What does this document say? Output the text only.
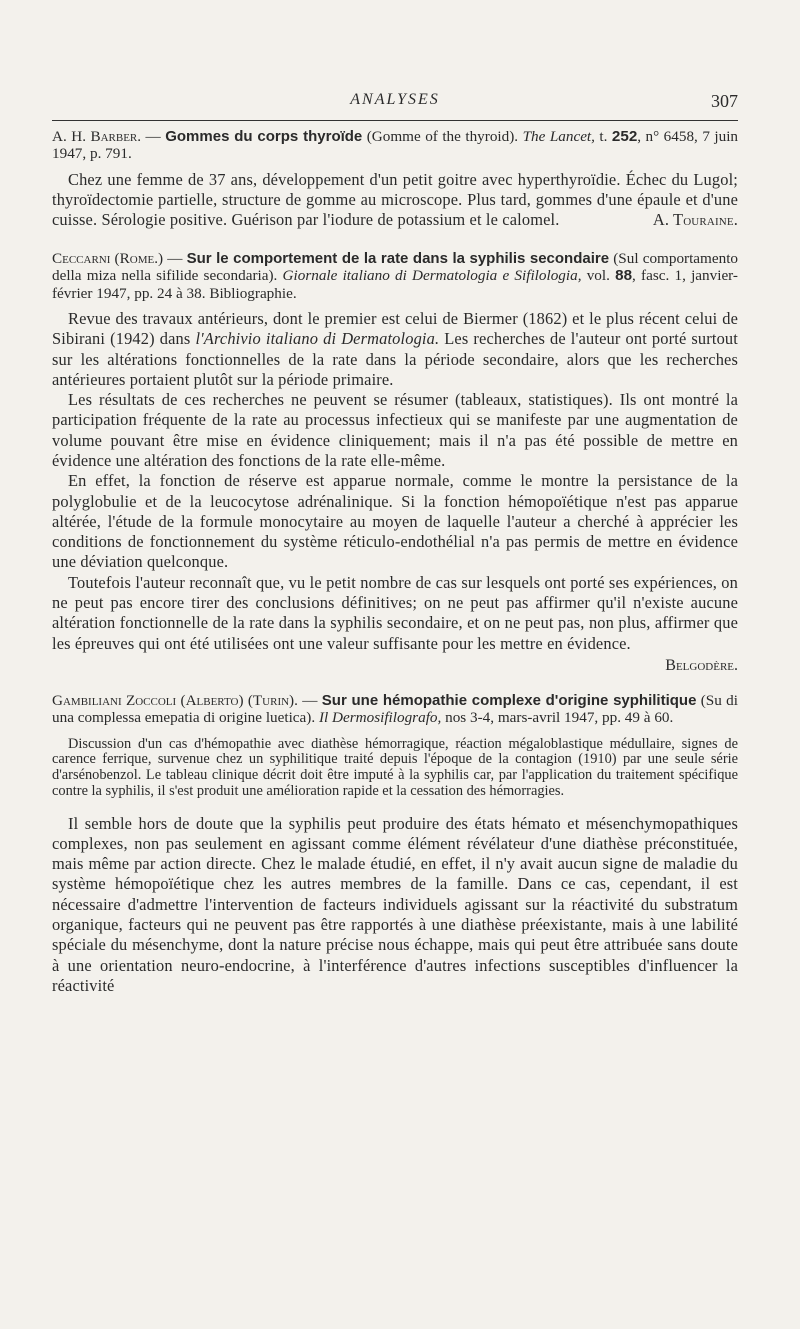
ANALYSES	307

A. H. Barber. — Gommes du corps thyroïde (Gomme of the thyroid). The Lancet, t. 252, n° 6458, 7 juin 1947, p. 791.

Chez une femme de 37 ans, développement d'un petit goitre avec hyperthyroïdie. Échec du Lugol; thyroïdectomie partielle, structure de gomme au microscope. Plus tard, gommes d'une épaule et d'une cuisse. Sérologie positive. Guérison par l'iodure de potassium et le calomel.	A. Touraine.

Ceccarni (Rome.) — Sur le comportement de la rate dans la syphilis secondaire (Sul comportamento della miza nella sifilide secondaria). Giornale italiano di Dermatologia e Sifilologia, vol. 88, fasc. 1, janvier-février 1947, pp. 24 à 38. Bibliographie.

Revue des travaux antérieurs, dont le premier est celui de Biermer (1862) et le plus récent celui de Sibirani (1942) dans l'Archivio italiano di Dermatologia. Les recherches de l'auteur ont porté surtout sur les altérations fonctionnelles de la rate dans la période secondaire, alors que les recherches antérieures portaient plutôt sur la période primaire.

Les résultats de ces recherches ne peuvent se résumer (tableaux, statistiques). Ils ont montré la participation fréquente de la rate au processus infectieux qui se manifeste par une augmentation de volume pouvant être mise en évidence cliniquement; mais il n'a pas été possible de mettre en évidence une altération des fonctions de la rate elle-même.

En effet, la fonction de réserve est apparue normale, comme le montre la persistance de la polyglobulie et de la leucocytose adrénalinique. Si la fonction hémopoïétique n'est pas apparue altérée, l'étude de la formule monocytaire au moyen de laquelle l'auteur a cherché à apprécier les conditions de fonctionnement du système réticulo-endothélial n'a pas permis de mettre en évidence une déviation quelconque.

Toutefois l'auteur reconnaît que, vu le petit nombre de cas sur lesquels ont porté ses expériences, on ne peut pas encore tirer des conclusions définitives; on ne peut pas affirmer qu'il n'existe aucune altération fonctionnelle de la rate dans la syphilis secondaire, et on ne peut pas, non plus, affirmer que les épreuves qui ont été utilisées ont une valeur suffisante pour les mettre en évidence.

Belgodère.

Gambiliani Zoccoli (Alberto) (Turin). — Sur une hémopathie complexe d'origine syphilitique (Su di una complessa emepatia di origine luetica). Il Dermosifilografo, nos 3-4, mars-avril 1947, pp. 49 à 60.

Discussion d'un cas d'hémopathie avec diathèse hémorragique, réaction mégaloblastique médullaire, signes de carence ferrique, survenue chez un syphilitique traité depuis l'époque de la contagion (1910) par une seule série d'arsénobenzol. Le tableau clinique décrit doit être imputé à la syphilis car, par l'application du traitement spécifique contre la syphilis, il s'est produit une amélioration rapide et la cessation des hémorragies.

Il semble hors de doute que la syphilis peut produire des états hémato et mésenchymopathiques complexes, non pas seulement en agissant comme élément révélateur d'une diathèse préconstituée, mais même par action directe. Chez le malade étudié, en effet, il n'y avait aucun signe de maladie du système hémopoïétique chez les autres membres de la famille. Dans ce cas, cependant, il est nécessaire d'admettre l'intervention de facteurs individuels agissant sur la réactivité du substratum organique, facteurs qui ne peuvent pas être rapportés à une diathèse préexistante, mais à une labilité spéciale du mésenchyme, dont la nature précise nous échappe, mais qui peut être attribuée sans doute à une orientation neuro-endocrine, à l'interférence d'autres infections susceptibles d'influencer la réactivité
